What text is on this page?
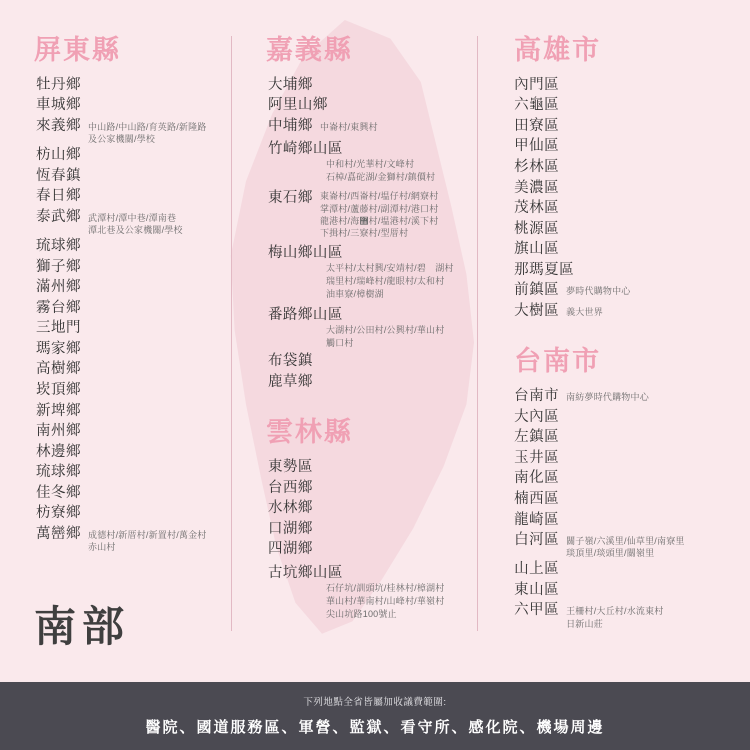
屏東縣
牡丹鄉
車城鄉
來義鄉 中山路/中山路/育英路/新隆路
及公家機關/學校
枋山鄉
恆春鎮
春日鄉
泰武鄉 武潭村/潭中巷/潭南巷
潭北巷及公家機關/學校
琉球鄉
獅子鄉
滿州鄉
霧台鄉
三地門
瑪家鄉
高樹鄉
崁頂鄉
新埤鄉
南州鄉
林邊鄉
琉球鄉
佳冬鄉
枋寮鄉
萬巒鄉 成德村/新厝村/新置村/萬金村
赤山村
嘉義縣
大埔鄉
阿里山鄉
中埔鄉 中崙村/東興村
竹崎鄉山區
中和村/光華村/文峰村
石棹/嚞砣湖/金獅村/鎮價村
東石鄉 東崙村/西崙村/塭仔村/網寮村
掌潭村/蘆藤村/副潭村/港口村
龍港村/海޻村/塭港村/溪下村
下揖村/三寮村/型厝村
梅山鄉山區
太平村/太村興/安靖村/碧　湖村
瑞里村/瑞峰村/龍眼村/太和村
油車寮/樟樹湖
番路鄉山區
大湖村/公田村/公興村/華山村
觸口村
布袋鎮
鹿草鄉
雲林縣
東勢區
台西鄉
水林鄉
口湖鄉
四湖鄉
古坑鄉山區
石仔坑/訓頭坑/桂林村/樟湖村
華山村/華南村/山峰村/華嶺村
尖山坑路100號止
高雄市
內門區
六龜區
田寮區
甲仙區
杉林區
美濃區
茂林區
桃源區
旗山區
那瑪夏區
前鎮區 夢時代購物中心
大樹區 義大世界
台南市
台南市 南紡夢時代購物中心
大內區
左鎮區
玉井區
南化區
楠西區
龍崎區
白河區 關子嶺/六溪里/仙草里/南寮里
琰頂里/琰頭里/關嶺里
山上區
東山區
六甲區 王柵村/大丘村/水流東村
日新山莊
南部
下列地點全省皆屬加收議費範圍:
醫院、國道服務區、軍營、監獄、看守所、感化院、機場周邊
